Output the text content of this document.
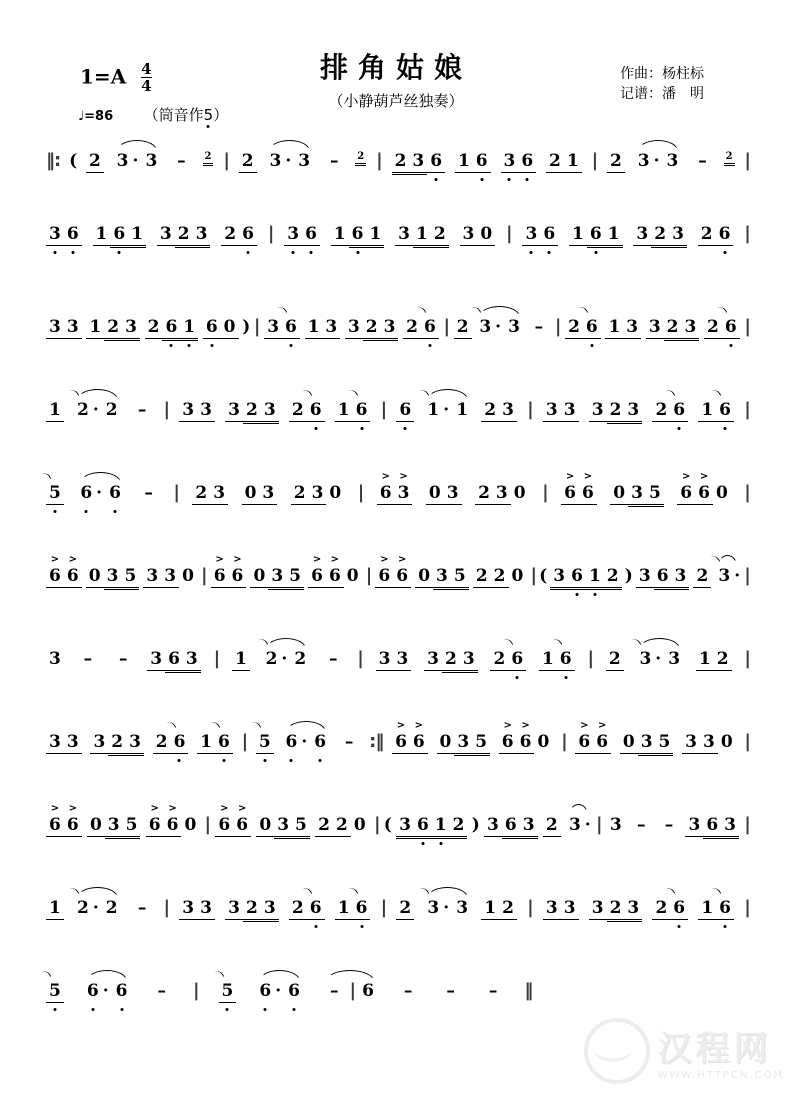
$1=A \frac{4}{4}$
♩=86 （筒音作5）
排角姑娘
（小静葫芦丝独奏）
作曲：杨柱标
记谱：潘　明
‖: ( 2 3 · 3 –	2 | 2 3 · 3 –	2 | 2 3 6 1 6 3 6 2 1 | 2 3 · 3 –	2 |
3 6 1 6 1 3 2 3 2 6 | 3 6 1 6 1 3 1 2 3 0 | 3 6 1 6 1 3 2 3 2 6 |
3 3 1 2 3 2 6 1 6 0 ) | 3 6 1 3 3 2 3 2 6 | 2 3 · 3 – | 2 6 1 3 3 2 3 2 6 |
1 2 · 2 – | 3 3 3 2 3 2 6 1 6 | 6 1 · 1 2 3 | 3 3 3 2 3 2 6 1 6 |
5 6 · 6 – | 2 3 0 3 2 3 0 | > 6 > 3 0 3 2 3 0 | > 6 > 6 0 3 5 > 6 > 6 0 |
> 6 > 6 0 3 5 3 3 0 | > 6 > 6 0 3 5 > 6 > 6 0 | > 6 > 6 0 3 5 2 2 0 | ( 3 6 1 2 ) 3 6 3 2 3 · |
3 – – 3 6 3 | 1 2 · 2 – | 3 3 3 2 3 2 6 1 6 | 2 3 · 3 1 2 |
3 3 3 2 3 2 6 1 6 | 5 6 · 6 – :‖ > 6 > 6 0 3 5 > 6 > 6 0 | > 6 > 6 0 3 5 3 3 0 |
> 6 > 6 0 3 5 > 6 > 6 0 | > 6 > 6 0 3 5 2 2 0 | ( 3 6 1 2 ) 3 6 3 2 3 · | 3 – – 3 6 3 |
1 2 · 2 – | 3 3 3 2 3 2 6 1 6 | 2 3 · 3 1 2 | 3 3 3 2 3 2 6 1 6 |
5 6 · 6 – | 5 6 · 6	– | 6 – – – ‖
汉程网
WWW.HTTPCN.COM
